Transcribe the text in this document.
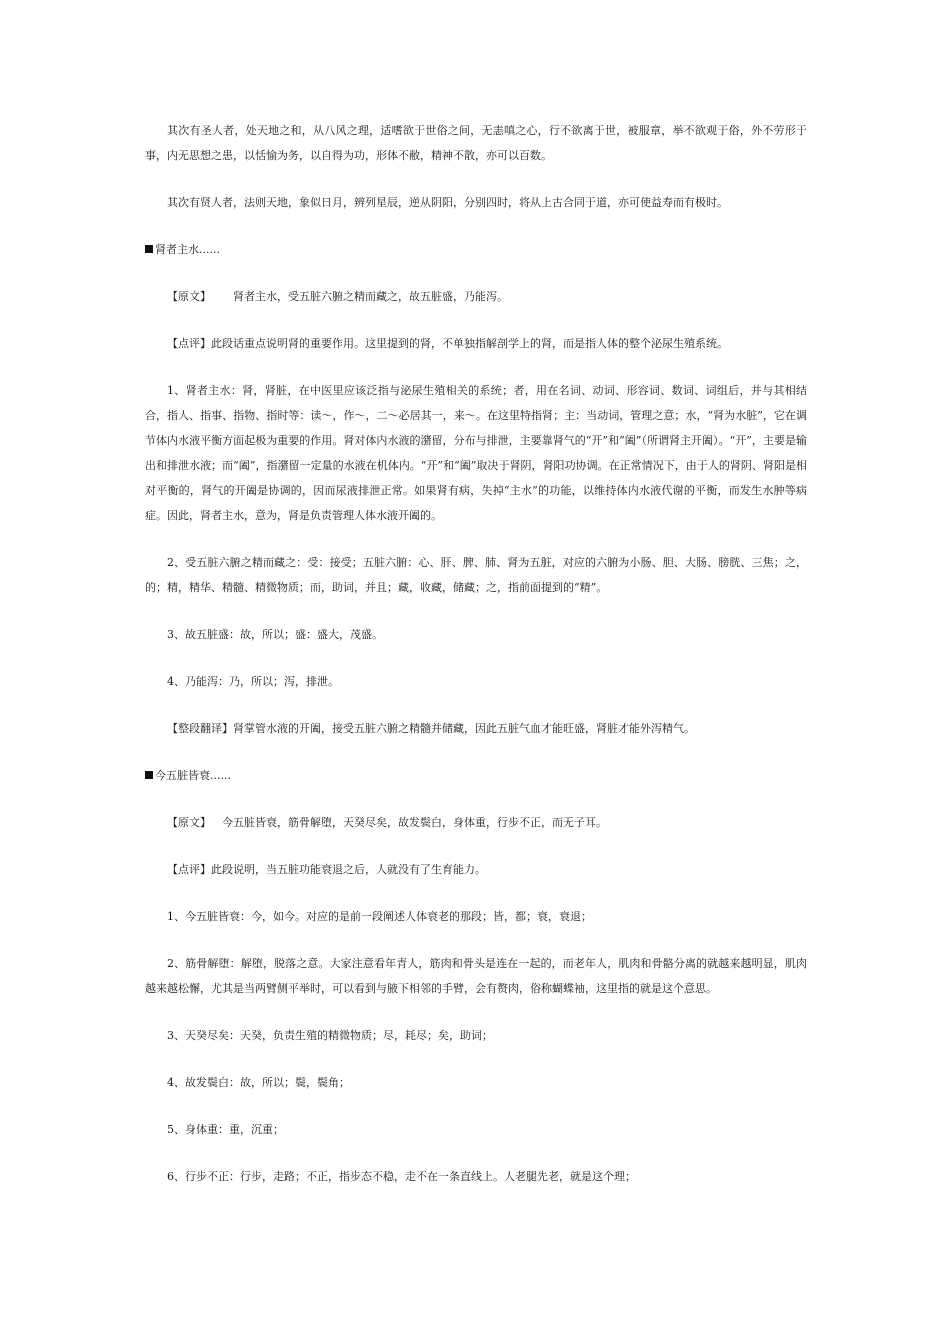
其次有圣人者，处天地之和，从八风之理，适嗜欲于世俗之间，无恚嗔之心，行不欲离于世，被服章，举不欲观于俗，外不劳形于事，内无思想之患，以恬愉为务，以自得为功，形体不敝，精神不散，亦可以百数。

其次有贤人者，法则天地，象似日月，辨列星辰，逆从阴阳，分别四时，将从上古合同于道，亦可使益寿而有极时。

肾者主水......

【原文】 肾者主水，受五脏六腑之精而藏之，故五脏盛，乃能泻。

【点评】此段话重点说明肾的重要作用。这里提到的肾，不单独指解剖学上的肾，而是指人体的整个泌尿生殖系统。

1、肾者主水：肾，肾脏，在中医里应该泛指与泌尿生殖相关的系统；者，用在名词、动词、形容词、数词、词组后，并与其相结合，指人、指事、指物、指时等：读～，作～，二～必居其一，来～。在这里特指肾；主：当动词，管理之意；水，“肾为水脏”，它在调节体内水液平衡方面起极为重要的作用。肾对体内水液的潴留，分布与排泄，主要靠肾气的“开”和“阖”（所谓肾主开阖）。“开”，主要是输出和排泄水液；而“阖”，指潴留一定量的水液在机体内。“开”和“阖”取决于肾阴，肾阳功协调。在正常情况下，由于人的肾阴、肾阳是相对平衡的，肾气的开阖是协调的，因而尿液排泄正常。如果肾有病，失掉“主水”的功能，以维持体内水液代谢的平衡，而发生水肿等病症。因此，肾者主水，意为，肾是负责管理人体水液开阖的。

2、受五脏六腑之精而藏之：受：接受；五脏六腑：心、肝、脾、肺、肾为五脏，对应的六腑为小肠、胆、大肠、膀胱、三焦；之，的；精，精华、精髓、精微物质；而，助词，并且；藏，收藏，储藏；之，指前面提到的“精”。

3、故五脏盛：故，所以；盛：盛大，茂盛。

4、乃能泻：乃，所以；泻，排泄。

【整段翻译】肾掌管水液的开阖，接受五脏六腑之精髓并储藏，因此五脏气血才能旺盛，肾脏才能外泻精气。

今五脏皆衰......

【原文】 今五脏皆衰，筋骨解堕，天癸尽矣，故发鬓白，身体重，行步不正，而无子耳。

【点评】此段说明，当五脏功能衰退之后，人就没有了生育能力。

1、今五脏皆衰：今，如今。对应的是前一段阐述人体衰老的那段；皆，都；衰，衰退；

2、筋骨解堕：解堕，脱落之意。大家注意看年青人，筋肉和骨头是连在一起的，而老年人，肌肉和骨骼分离的就越来越明显，肌肉越来越松懈，尤其是当两臂侧平举时，可以看到与腋下相邻的手臂，会有赘肉，俗称蝴蝶袖，这里指的就是这个意思。

3、天癸尽矣：天癸，负责生殖的精微物质；尽，耗尽；矣，助词；

4、故发鬓白：故，所以；鬓，鬓角；

5、身体重：重，沉重；

6、行步不正：行步，走路；不正，指步态不稳，走不在一条直线上。人老腿先老，就是这个理；
